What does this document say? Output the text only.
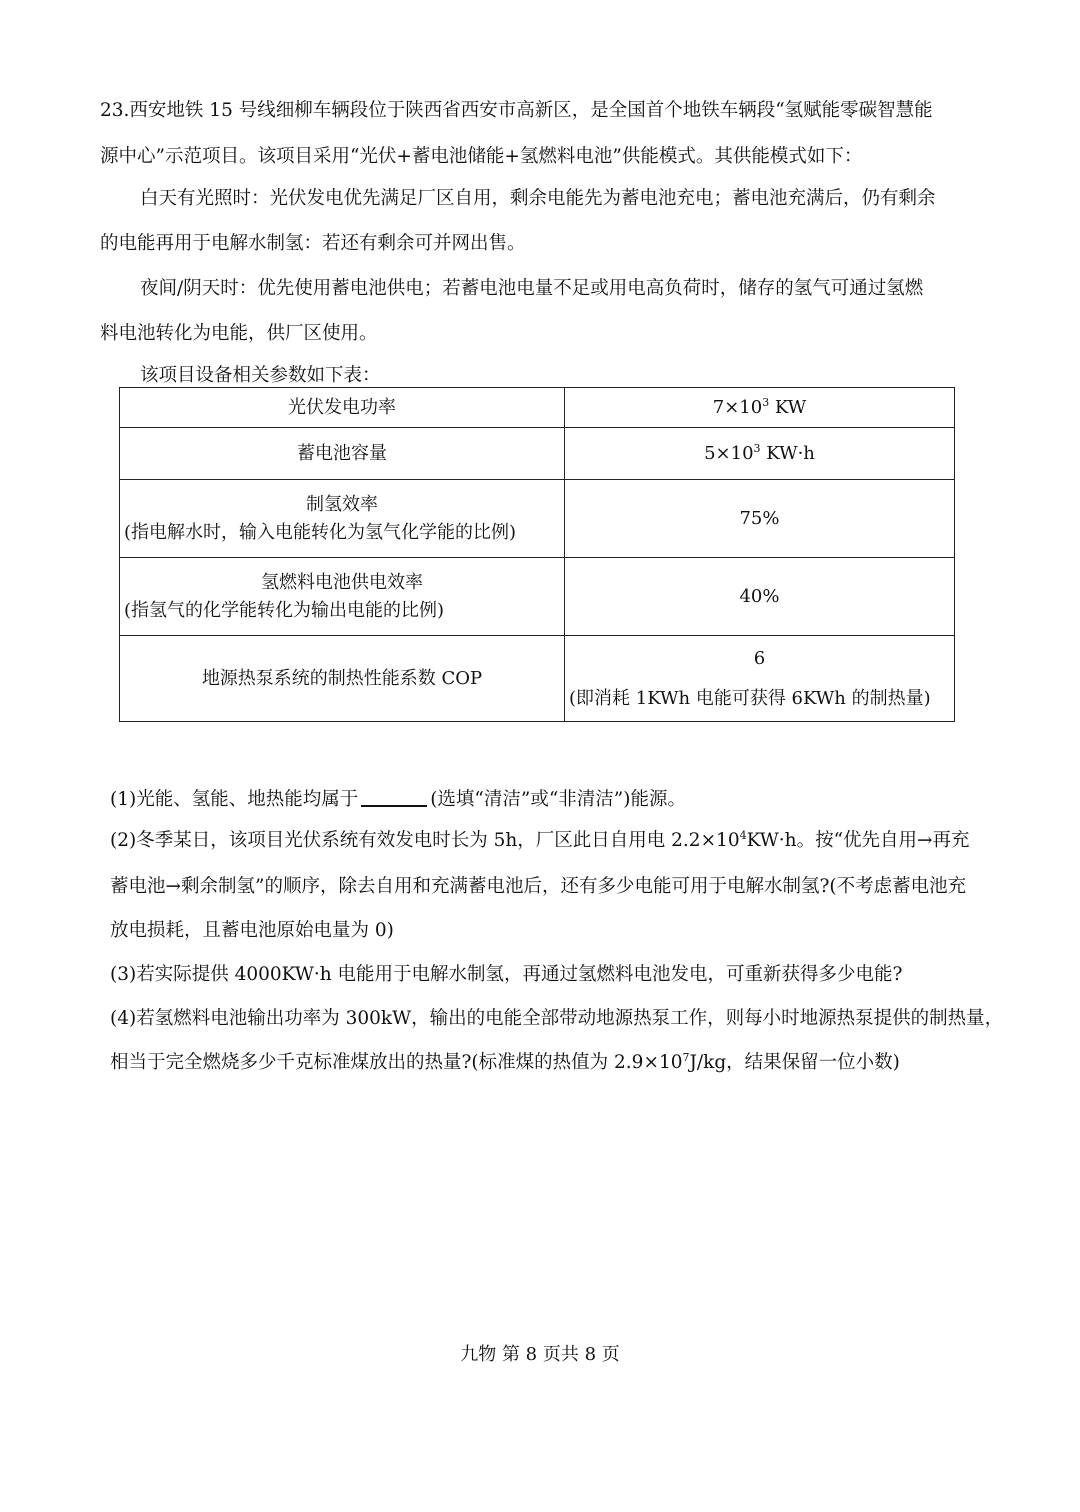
23.西安地铁 15 号线细柳车辆段位于陕西省西安市高新区，是全国首个地铁车辆段“氢赋能零碳智慧能
源中心”示范项目。该项目采用“光伏+蓄电池储能+氢燃料电池”供能模式。其供能模式如下：
白天有光照时：光伏发电优先满足厂区自用，剩余电能先为蓄电池充电；蓄电池充满后，仍有剩余
的电能再用于电解水制氢：若还有剩余可并网出售。
夜间/阴天时：优先使用蓄电池供电；若蓄电池电量不足或用电高负荷时，储存的氢气可通过氢燃
料电池转化为电能，供厂区使用。
该项目设备相关参数如下表：
光伏发电功率	$7\times 10^3$ KW
蓄电池容量	$5\times 10^3$ KW·h

制氢效率
(指电解水时，输入电能转化为氢气化学能的比例)	75%

氢燃料电池供电效率
(指氢气的化学能转化为输出电能的比例)	40%
地源热泵系统的制热性能系数 COP	6
(即消耗 1KWh 电能可获得 6KWh 的制热量)
(1)光能、氢能、地热能均属于	(选填“清洁”或“非清洁”)能源。
(2)冬季某日，该项目光伏系统有效发电时长为 5h，厂区此日自用电 $2.2\times 10^4KW\cdot h$。按“优先自用→再充
蓄电池→剩余制氢”的顺序，除去自用和充满蓄电池后，还有多少电能可用于电解水制氢?(不考虑蓄电池充
放电损耗，且蓄电池原始电量为 0)
(3)若实际提供 4000KW·h 电能用于电解水制氢，再通过氢燃料电池发电，可重新获得多少电能?
(4)若氢燃料电池输出功率为 300kW，输出的电能全部带动地源热泵工作，则每小时地源热泵提供的制热量，
相当于完全燃烧多少千克标准煤放出的热量?(标准煤的热值为 $2.9\times 10^7J/kg$，结果保留一位小数)
九物 第 8 页共 8 页
